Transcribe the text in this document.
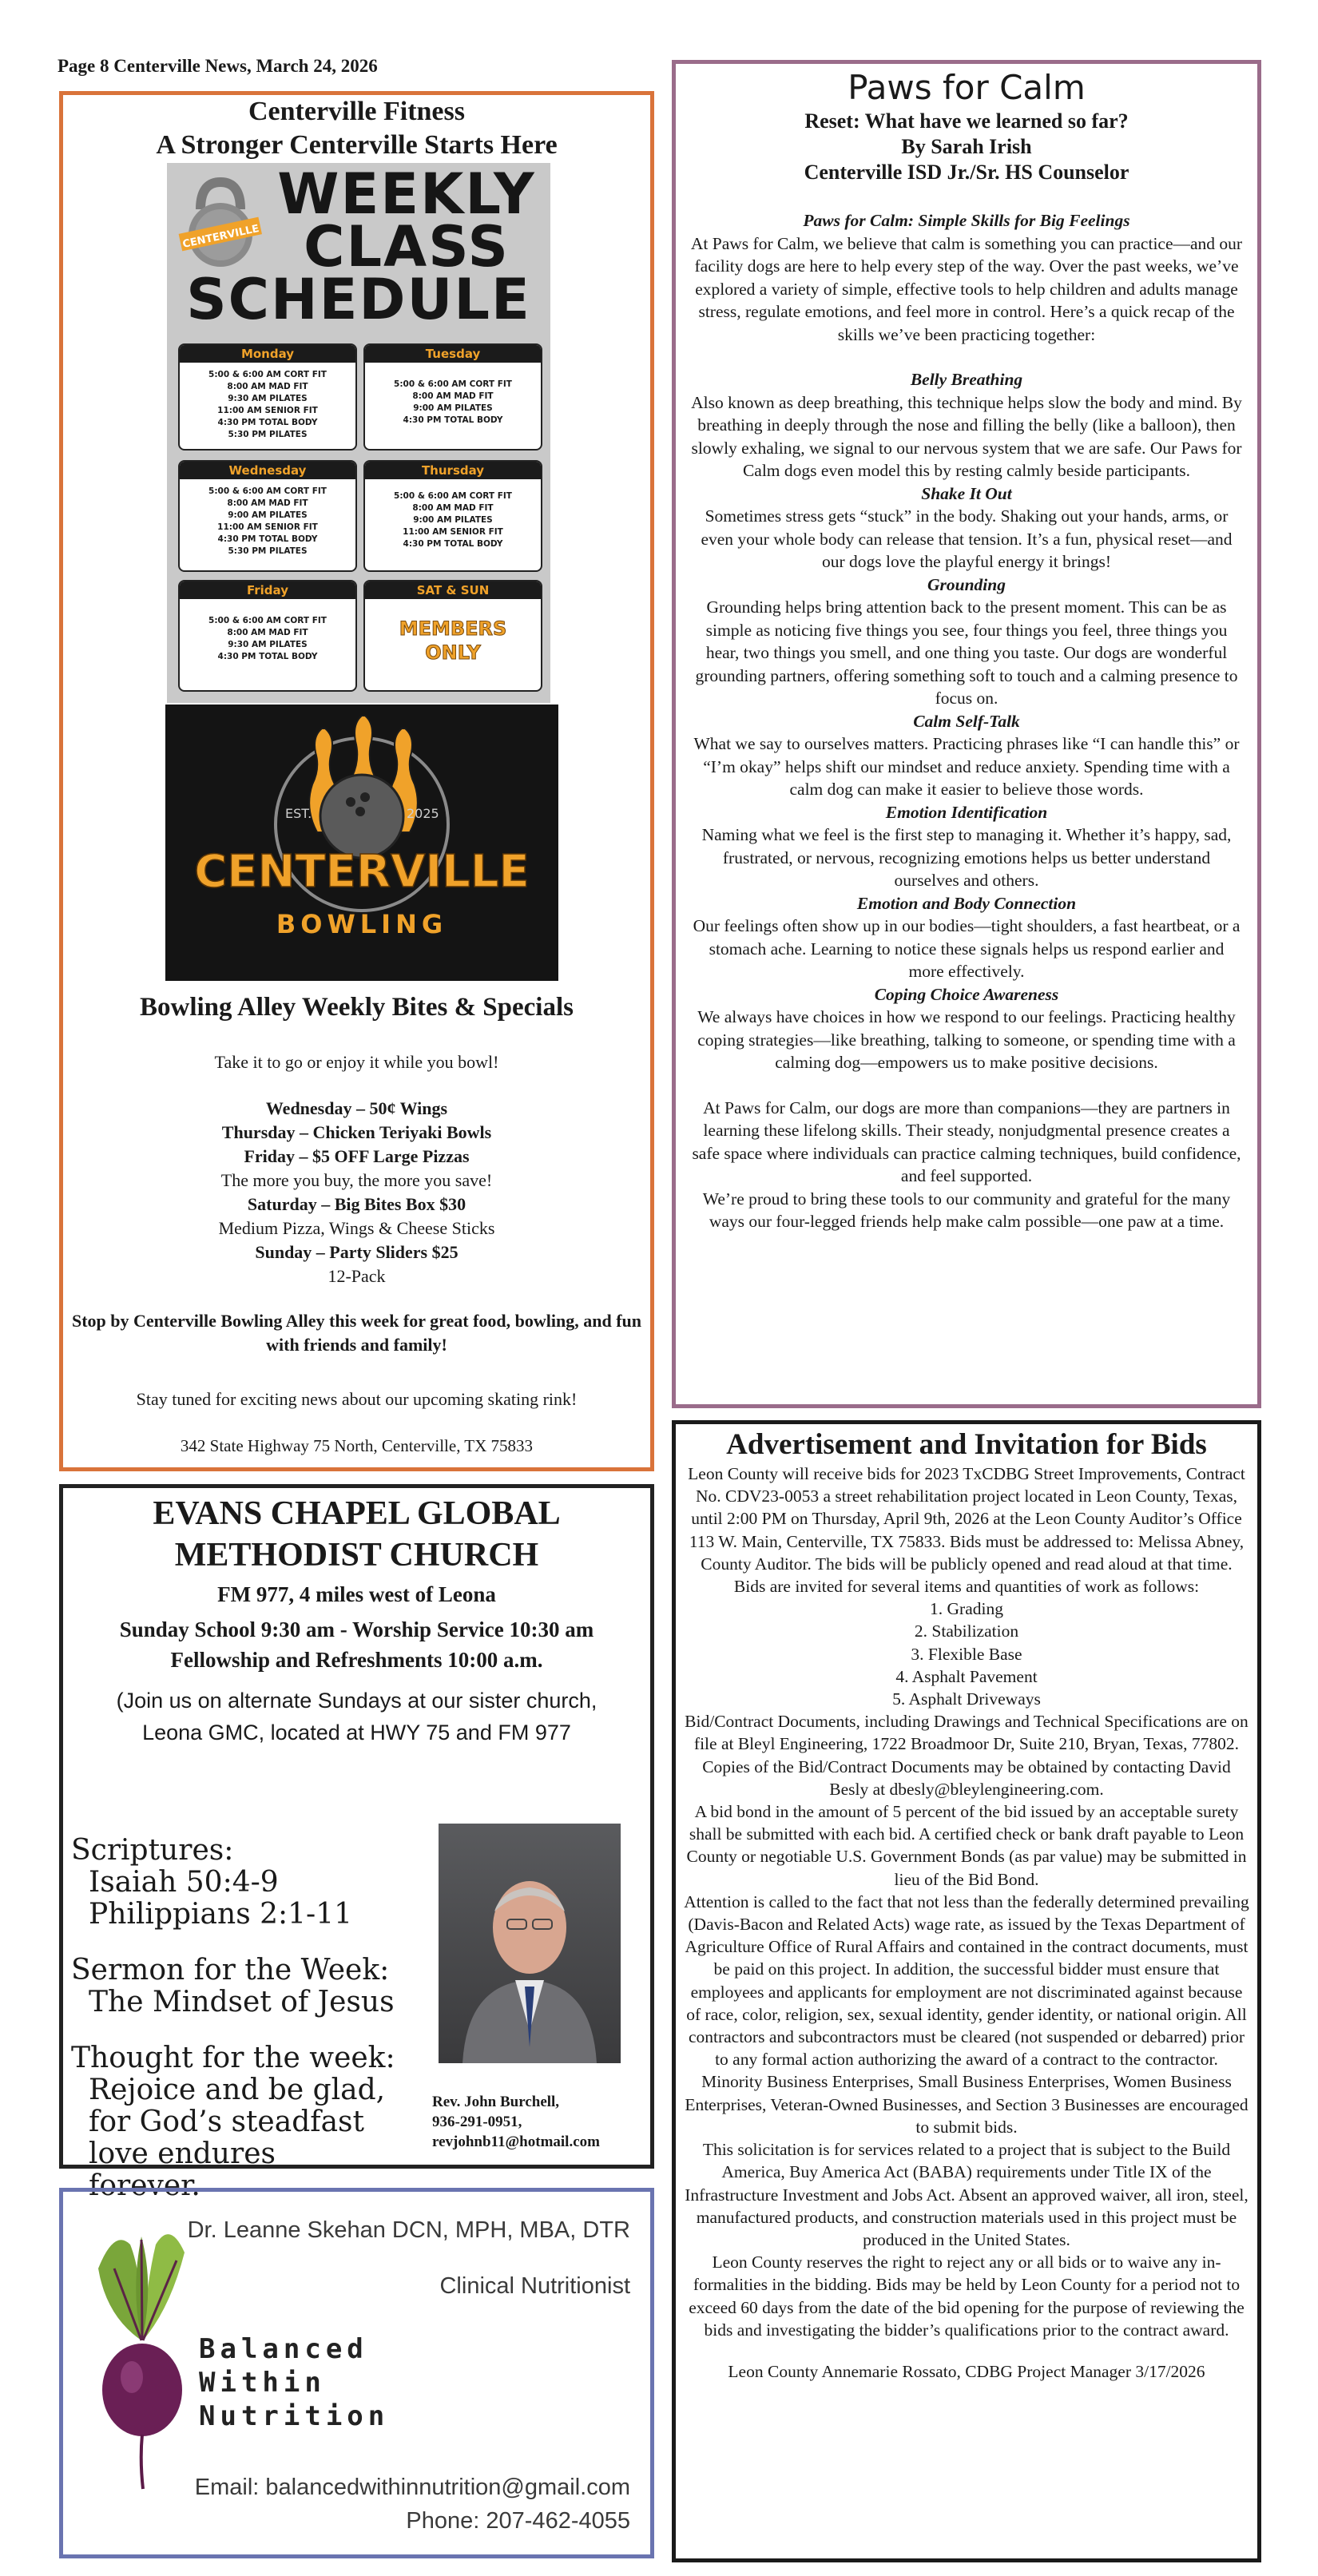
Page 8 Centerville News, March 24, 2026
Centerville Fitness
A Stronger Centerville Starts Here
CENTERVILLE
WEEKLY
CLASS
SCHEDULE
Monday
5:00 & 6:00 AM CORT FIT
8:00 AM MAD FIT
9:30 AM PILATES
11:00 AM SENIOR FIT
4:30 PM TOTAL BODY
5:30 PM PILATES
Tuesday
5:00 & 6:00 AM CORT FIT
8:00 AM MAD FIT
9:00 AM PILATES
4:30 PM TOTAL BODY
Wednesday
5:00 & 6:00 AM CORT FIT
8:00 AM MAD FIT
9:00 AM PILATES
11:00 AM SENIOR FIT
4:30 PM TOTAL BODY
5:30 PM PILATES
Thursday
5:00 & 6:00 AM CORT FIT
8:00 AM MAD FIT
9:00 AM PILATES
11:00 AM SENIOR FIT
4:30 PM TOTAL BODY
Friday
5:00 & 6:00 AM CORT FIT
8:00 AM MAD FIT
9:30 AM PILATES
4:30 PM TOTAL BODY
SAT & SUN
MEMBERS
ONLY
EST.	2025
CENTERVILLE
BOWLING
Bowling Alley Weekly Bites & Specials
Take it to go or enjoy it while you bowl!
Wednesday – 50¢ Wings
Thursday – Chicken Teriyaki Bowls
Friday – $5 OFF Large Pizzas
The more you buy, the more you save!
Saturday – Big Bites Box $30
Medium Pizza, Wings & Cheese Sticks
Sunday – Party Sliders $25
12-Pack
Stop by Centerville Bowling Alley this week for great food, bowling, and fun with friends and family!
Stay tuned for exciting news about our upcoming skating rink!
342 State Highway 75 North, Centerville, TX 75833
Paws for Calm
Reset: What have we learned so far?
By Sarah Irish
Centerville ISD Jr./Sr. HS Counselor
Paws for Calm: Simple Skills for Big Feelings
At Paws for Calm, we believe that calm is something you can practice—and our facility dogs are here to help every step of the way. Over the past weeks, we’ve explored a variety of simple, effective tools to help children and adults manage stress, regulate emotions, and feel more in control. Here’s a quick recap of the skills we’ve been practicing together:
Belly Breathing
Also known as deep breathing, this technique helps slow the body and mind. By breathing in deeply through the nose and filling the belly (like a balloon), then slowly exhaling, we signal to our nervous system that we are safe. Our Paws for Calm dogs even model this by resting calmly beside participants.
Shake It Out
Sometimes stress gets “stuck” in the body. Shaking out your hands, arms, or even your whole body can release that tension. It’s a fun, physical reset—and our dogs love the playful energy it brings!
Grounding
Grounding helps bring attention back to the present moment. This can be as simple as noticing five things you see, four things you feel, three things you hear, two things you smell, and one thing you taste. Our dogs are wonderful grounding partners, offering something soft to touch and a calming presence to focus on.
Calm Self-Talk
What we say to ourselves matters. Practicing phrases like “I can handle this” or “I’m okay” helps shift our mindset and reduce anxiety. Spending time with a calm dog can make it easier to believe those words.
Emotion Identification
Naming what we feel is the first step to managing it. Whether it’s happy, sad, frustrated, or nervous, recognizing emotions helps us better understand ourselves and others.
Emotion and Body Connection
Our feelings often show up in our bodies—tight shoulders, a fast heartbeat, or a stomach ache. Learning to notice these signals helps us respond earlier and more effectively.
Coping Choice Awareness
We always have choices in how we respond to our feelings. Practicing healthy coping strategies—like breathing, talking to someone, or spending time with a calming dog—empowers us to make positive decisions.
At Paws for Calm, our dogs are more than companions—they are partners in learning these lifelong skills. Their steady, nonjudgmental presence creates a safe space where individuals can practice calming techniques, build confidence, and feel supported.
We’re proud to bring these tools to our community and grateful for the many ways our four-legged friends help make calm possible—one paw at a time.
EVANS CHAPEL GLOBAL
METHODIST CHURCH
FM 977, 4 miles west of Leona
Sunday School 9:30 am - Worship Service 10:30 am
Fellowship and Refreshments 10:00 a.m.
(Join us on alternate Sundays at our sister church,
Leona GMC, located at HWY 75 and FM 977
Scriptures:
Isaiah 50:4-9
Philippians 2:1-11
Sermon for the Week:
The Mindset of Jesus
Thought for the week:
Rejoice and be glad,
for God’s steadfast
love endures
forever.
Rev. John Burchell,
936-291-0951,
revjohnb11@hotmail.com
Dr. Leanne Skehan DCN, MPH, MBA, DTR
Clinical Nutritionist
Balanced
Within
Nutrition
Email: balancedwithinnutrition@gmail.com
Phone: 207-462-4055
Advertisement and Invitation for Bids
Leon County will receive bids for 2023 TxCDBG Street Improvements, Contract No. CDV23-0053 a street rehabilitation project located in Leon County, Texas, until 2:00 PM on Thursday, April 9th, 2026 at the Leon County Auditor’s Office 113 W. Main, Centerville, TX 75833. Bids must be addressed to: Melissa Abney, County Auditor. The bids will be publicly opened and read aloud at that time.
Bids are invited for several items and quantities of work as follows:
1. Grading
2. Stabilization
3. Flexible Base
4. Asphalt Pavement
5. Asphalt Driveways
Bid/Contract Documents, including Drawings and Technical Specifications are on file at Bleyl Engineering, 1722 Broadmoor Dr, Suite 210, Bryan, Texas, 77802. Copies of the Bid/Contract Documents may be obtained by contacting David Besly at dbesly@bleylengineering.com.
A bid bond in the amount of 5 percent of the bid issued by an acceptable surety shall be submitted with each bid. A certified check or bank draft payable to Leon County or negotiable U.S. Government Bonds (as par value) may be submitted in lieu of the Bid Bond.
Attention is called to the fact that not less than the federally determined prevailing (Davis-Bacon and Related Acts) wage rate, as issued by the Texas Department of Agriculture Office of Rural Affairs and contained in the contract documents, must be paid on this project. In addition, the successful bidder must ensure that employees and applicants for employment are not discriminated against because of race, color, religion, sex, sexual identity, gender identity, or national origin. All contractors and subcontractors must be cleared (not suspended or debarred) prior to any formal action authorizing the award of a contract to the contractor.
Minority Business Enterprises, Small Business Enterprises, Women Business Enterprises, Veteran-Owned Businesses, and Section 3 Businesses are encouraged to submit bids.
This solicitation is for services related to a project that is subject to the Build America, Buy America Act (BABA) requirements under Title IX of the Infrastructure Investment and Jobs Act. Absent an approved waiver, all iron, steel, manufactured products, and construction materials used in this project must be produced in the United States.
Leon County reserves the right to reject any or all bids or to waive any informalities in the bidding. Bids may be held by Leon County for a period not to exceed 60 days from the date of the bid opening for the purpose of reviewing the bids and investigating the bidder’s qualifications prior to the contract award.
Leon County Annemarie Rossato, CDBG Project Manager 3/17/2026
